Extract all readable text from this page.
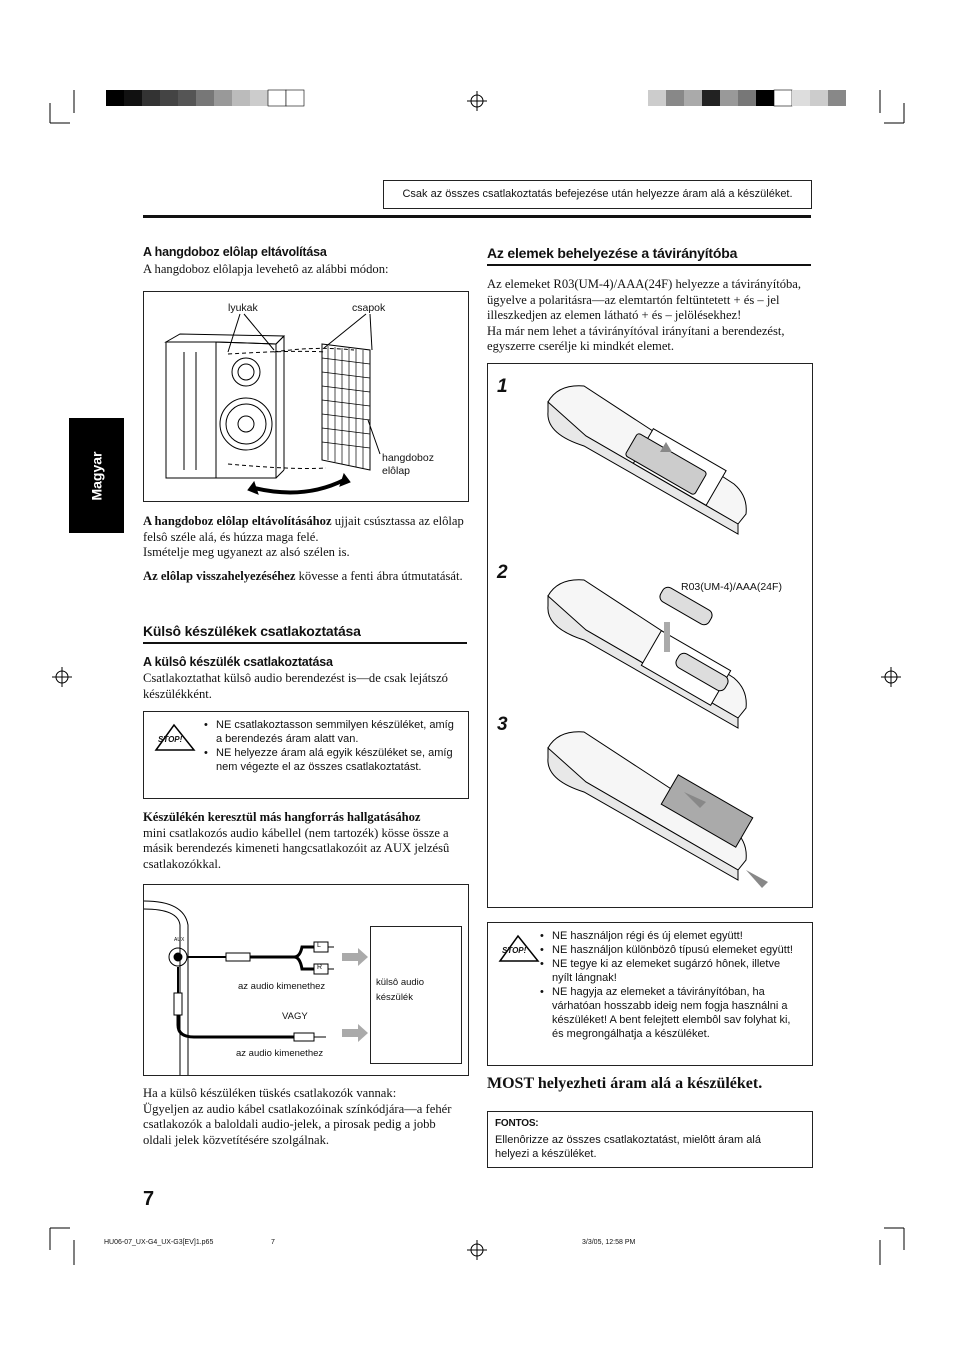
Csak az összes csatlakoztatás befejezése után helyezze áram alá a készüléket.
Magyar
A hangdoboz elôlap eltávolítása
A hangdoboz elôlapja levehetô az alábbi módon:
lyukak	csapok
hangdoboz
elôlap

A hangdoboz elôlap eltávolításához ujjait csúsztassa az elôlap felsô széle alá, és húzza maga felé.

Ismételje meg ugyanezt az alsó szélen is.

Az elôlap visszahelyezéséhez kövesse a fenti ábra útmutatását.

Külsô készülékek csatlakoztatása
A külsô készülék csatlakoztatása
Csatlakoztathat külsô audio berendezést is—de csak lejátszó készülékként.
STOP!
• NE csatlakoztasson semmilyen készüléket, amíg a berendezés áram alatt van.
• NE helyezze áram alá egyik készüléket se, amíg nem végezte el az összes csatlakoztatást.

Készülékén keresztül más hangforrás hallgatásához

mini csatlakozós audio kábellel (nem tartozék) kösse össze a másik berendezés kimeneti hangcsatlakozóit az AUX jelzésû csatlakozókkal.

AUX
L
R
az audio kimenethez
VAGY
az audio kimenethez
külsô audio
készülék

Ha a külsô készüléken tüskés csatlakozók vannak:

Ügyeljen az audio kábel csatlakozóinak színkódjára—a fehér csatlakozók a baloldali audio-jelek, a pirosak pedig a jobb oldali jelek közvetítésére szolgálnak.

Az elemek behelyezése a távirányítóba

Az elemeket R03(UM-4)/AAA(24F) helyezze a távirányítóba, ügyelve a polaritásra—az elemtartón feltüntetett + és – jel illeszkedjen az elemen látható + és – jelölésekhez!

Ha már nem lehet a távirányítóval irányítani a berendezést, egyszerre cserélje ki mindkét elemet.

1
2
3
R03(UM-4)/AAA(24F)
STOP!
• NE használjon régi és új elemet együtt!
• NE használjon különbözô típusú elemeket együtt!
• NE tegye ki az elemeket sugárzó hônek, illetve nyílt lángnak!
• NE hagyja az elemeket a távirányítóban, ha várhatóan hosszabb ideig nem fogja használni a készüléket! A bent felejtett elembôl sav folyhat ki, és megrongálhatja a készüléket.
MOST helyezheti áram alá a készüléket.
FONTOS:
Ellenôrizze az összes csatlakoztatást, mielôtt áram alá helyezi a készüléket.
7
HU06-07_UX-G4_UX-G3[EV]1.p65	7	3/3/05, 12:58 PM
